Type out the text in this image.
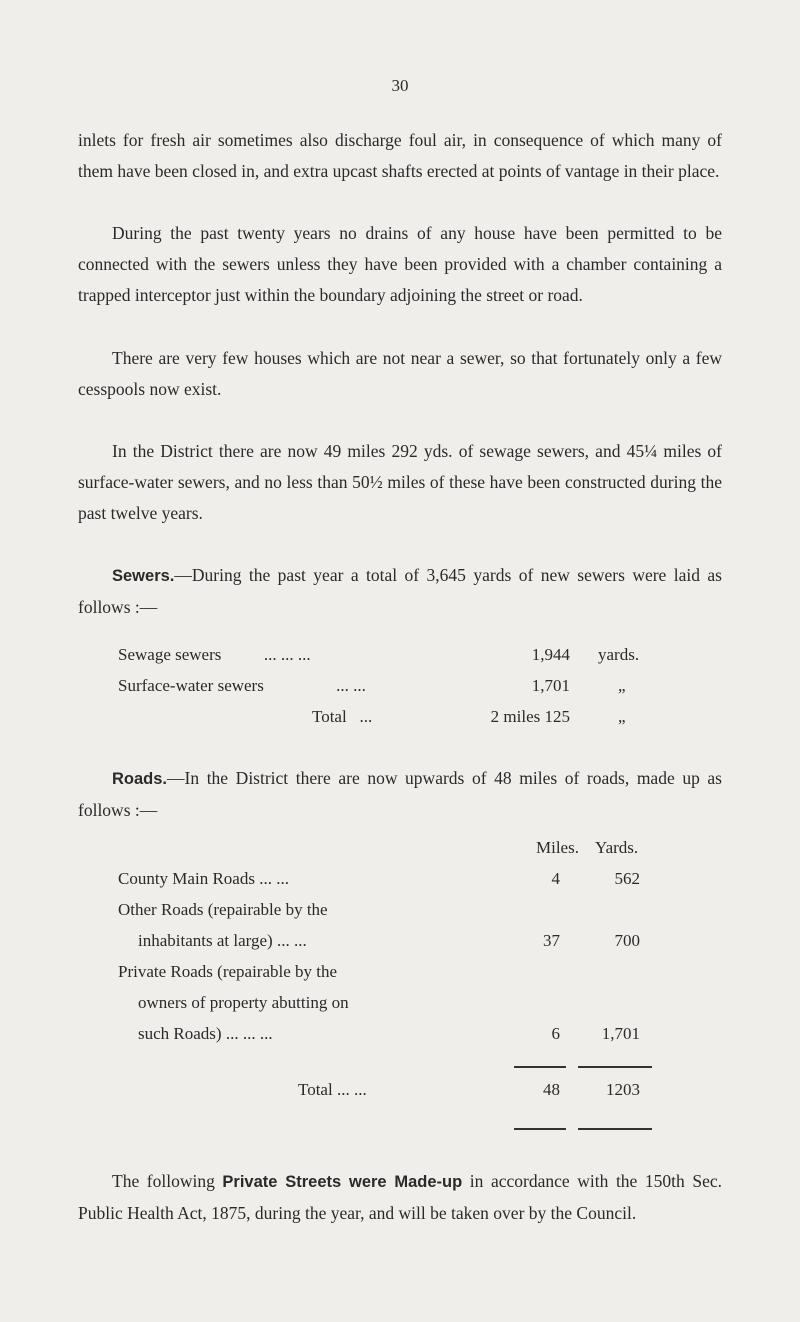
30

inlets for fresh air sometimes also discharge foul air, in consequence of which many of them have been closed in, and extra upcast shafts erected at points of vantage in their place.

During the past twenty years no drains of any house have been permitted to be connected with the sewers unless they have been provided with a chamber containing a trapped interceptor just within the boundary adjoining the street or road.

There are very few houses which are not near a sewer, so that fortunately only a few cesspools now exist.

In the District there are now 49 miles 292 yds. of sewage sewers, and 45¼ miles of surface-water sewers, and no less than 50½ miles of these have been constructed during the past twelve years.

Sewers.—During the past year a total of 3,645 yards of new sewers were laid as follows :—

Sewage sewers	... ... ...	1,944 yards.
Surface-water sewers	... ...	1,701	„
Total ...	2 miles 125	„

Roads.—In the District there are now upwards of 48 miles of roads, made up as follows :—

Miles. Yards.
County Main Roads ... ...	4	562
Other Roads (repairable by the
inhabitants at large) ... ...	37	700
Private Roads (repairable by the
owners of property abutting on
such Roads) ... ... ...	6	1,701
Total ... ...	48	1203

The following Private Streets were Made-up in accordance with the 150th Sec. Public Health Act, 1875, during the year, and will be taken over by the Council.
